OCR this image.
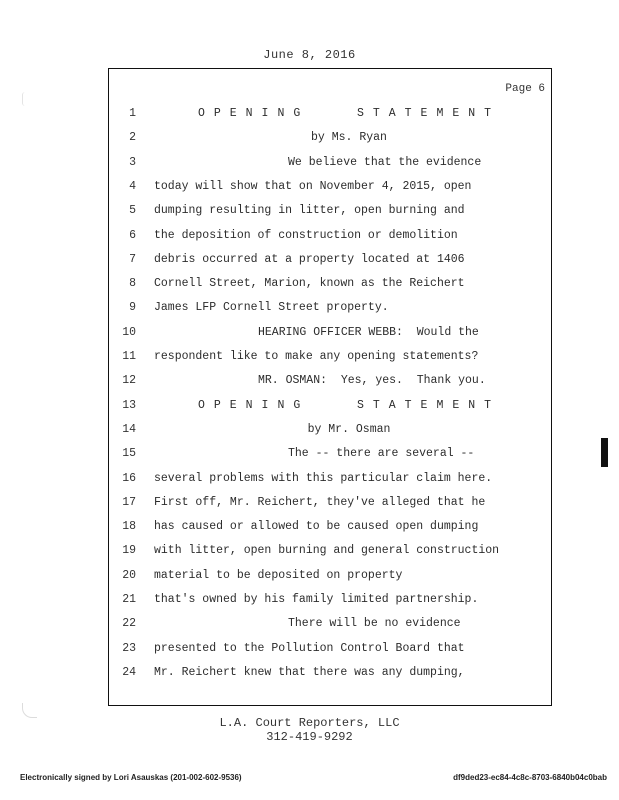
June 8, 2016
Page 6
1	OPENING   STATEMENT
2	by Ms. Ryan
3	We believe that the evidence
4 today will show that on November 4, 2015, open
5 dumping resulting in litter, open burning and
6 the deposition of construction or demolition
7 debris occurred at a property located at 1406
8 Cornell Street, Marion, known as the Reichert
9 James LFP Cornell Street property.
10	HEARING OFFICER WEBB:  Would the
11 respondent like to make any opening statements?
12	MR. OSMAN:  Yes, yes.  Thank you.
13	OPENING   STATEMENT
14	by Mr. Osman
15	The -- there are several --
16 several problems with this particular claim here.
17 First off, Mr. Reichert, they've alleged that he
18 has caused or allowed to be caused open dumping
19 with litter, open burning and general construction
20 material to be deposited on property
21 that's owned by his family limited partnership.
22	There will be no evidence
23 presented to the Pollution Control Board that
24 Mr. Reichert knew that there was any dumping,
L.A. Court Reporters, LLC
312-419-9292
Electronically signed by Lori Asauskas (201-002-602-9536)	df9ded23-ec84-4c8c-8703-6840b04c0bab
